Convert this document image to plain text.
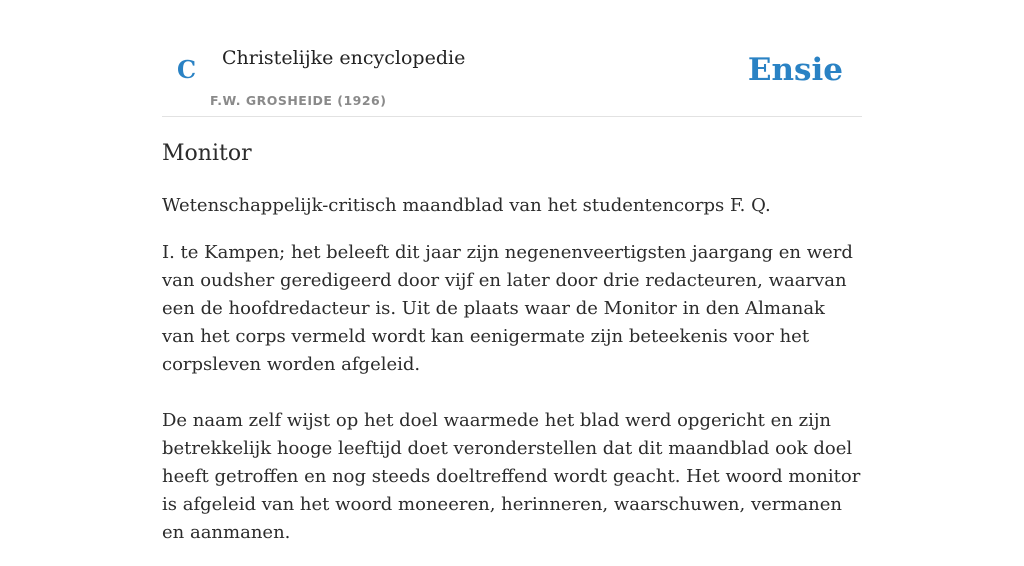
C Christelijke encyclopedie
F.W. GROSHEIDE (1926)
Ensie
Monitor

Wetenschappelijk-critisch maandblad van het studentencorps F. Q.

I. te Kampen; het beleeft dit jaar zijn negenenveertigsten jaargang en werd van oudsher geredigeerd door vijf en later door drie redacteuren, waarvan een de hoofdredacteur is. Uit de plaats waar de Monitor in den Almanak van het corps vermeld wordt kan eenigermate zijn beteekenis voor het corpsleven worden afgeleid.

De naam zelf wijst op het doel waarmede het blad werd opgericht en zijn betrekkelijk hooge leeftijd doet veronderstellen dat dit maandblad ook doel heeft getroffen en nog steeds doeltreffend wordt geacht. Het woord monitor is afgeleid van het woord moneeren, herinneren, waarschuwen, vermanen en aanmanen.
